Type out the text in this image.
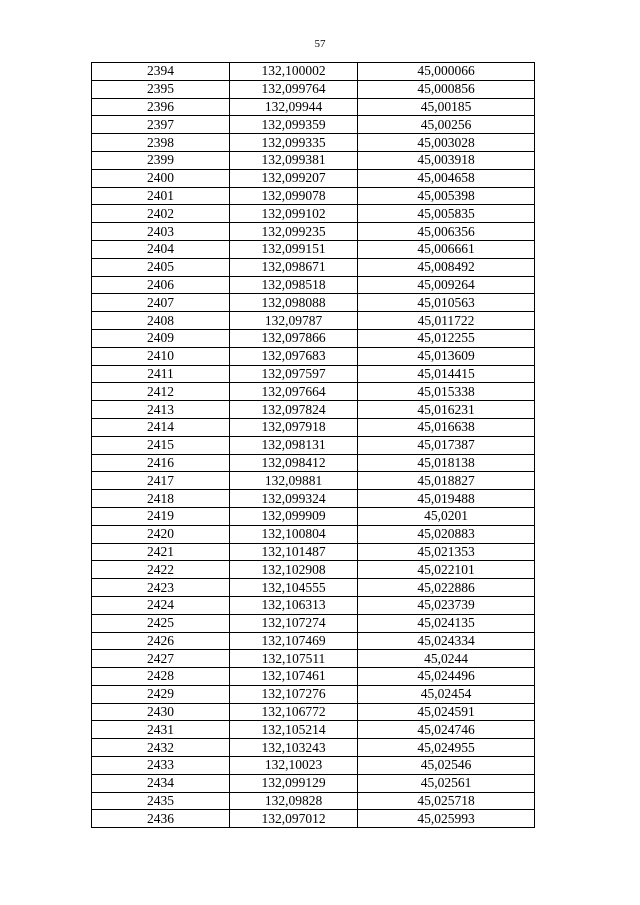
57
2394	132,100002	45,000066
2395	132,099764	45,000856
2396	132,09944	45,00185
2397	132,099359	45,00256
2398	132,099335	45,003028
2399	132,099381	45,003918
2400	132,099207	45,004658
2401	132,099078	45,005398
2402	132,099102	45,005835
2403	132,099235	45,006356
2404	132,099151	45,006661
2405	132,098671	45,008492
2406	132,098518	45,009264
2407	132,098088	45,010563
2408	132,09787	45,011722
2409	132,097866	45,012255
2410	132,097683	45,013609
2411	132,097597	45,014415
2412	132,097664	45,015338
2413	132,097824	45,016231
2414	132,097918	45,016638
2415	132,098131	45,017387
2416	132,098412	45,018138
2417	132,09881	45,018827
2418	132,099324	45,019488
2419	132,099909	45,0201
2420	132,100804	45,020883
2421	132,101487	45,021353
2422	132,102908	45,022101
2423	132,104555	45,022886
2424	132,106313	45,023739
2425	132,107274	45,024135
2426	132,107469	45,024334
2427	132,107511	45,0244
2428	132,107461	45,024496
2429	132,107276	45,02454
2430	132,106772	45,024591
2431	132,105214	45,024746
2432	132,103243	45,024955
2433	132,10023	45,02546
2434	132,099129	45,02561
2435	132,09828	45,025718
2436	132,097012	45,025993
